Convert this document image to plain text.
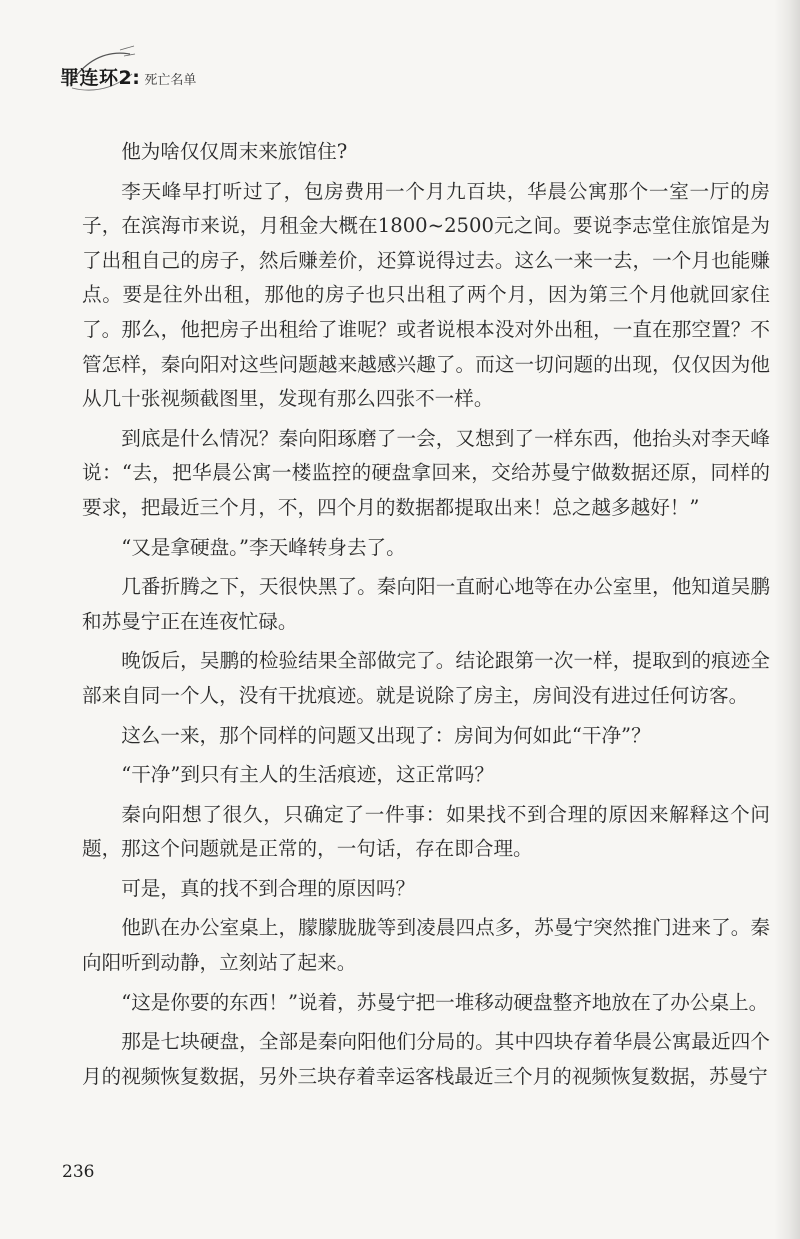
罪连环2: 死亡名单

他为啥仅仅周末来旅馆住?

李天峰早打听过了，包房费用一个月九百块，华晨公寓那个一室一厅的房子，在滨海市来说，月租金大概在1800~2500元之间。要说李志堂住旅馆是为了出租自己的房子，然后赚差价，还算说得过去。这么一来一去，一个月也能赚点。要是往外出租，那他的房子也只出租了两个月，因为第三个月他就回家住了。那么，他把房子出租给了谁呢？或者说根本没对外出租，一直在那空置？不管怎样，秦向阳对这些问题越来越感兴趣了。而这一切问题的出现，仅仅因为他从几十张视频截图里，发现有那么四张不一样。

到底是什么情况？秦向阳琢磨了一会，又想到了一样东西，他抬头对李天峰说：“去，把华晨公寓一楼监控的硬盘拿回来，交给苏曼宁做数据还原，同样的要求，把最近三个月，不，四个月的数据都提取出来！总之越多越好！”

“又是拿硬盘。”李天峰转身去了。

几番折腾之下，天很快黑了。秦向阳一直耐心地等在办公室里，他知道吴鹏和苏曼宁正在连夜忙碌。

晚饭后，吴鹏的检验结果全部做完了。结论跟第一次一样，提取到的痕迹全部来自同一个人，没有干扰痕迹。就是说除了房主，房间没有进过任何访客。

这么一来，那个同样的问题又出现了：房间为何如此“干净”？

“干净”到只有主人的生活痕迹，这正常吗？

秦向阳想了很久，只确定了一件事：如果找不到合理的原因来解释这个问题，那这个问题就是正常的，一句话，存在即合理。

可是，真的找不到合理的原因吗？

他趴在办公室桌上，朦朦胧胧等到凌晨四点多，苏曼宁突然推门进来了。秦向阳听到动静，立刻站了起来。

“这是你要的东西！”说着，苏曼宁把一堆移动硬盘整齐地放在了办公桌上。

那是七块硬盘，全部是秦向阳他们分局的。其中四块存着华晨公寓最近四个月的视频恢复数据，另外三块存着幸运客栈最近三个月的视频恢复数据，苏曼宁

236
